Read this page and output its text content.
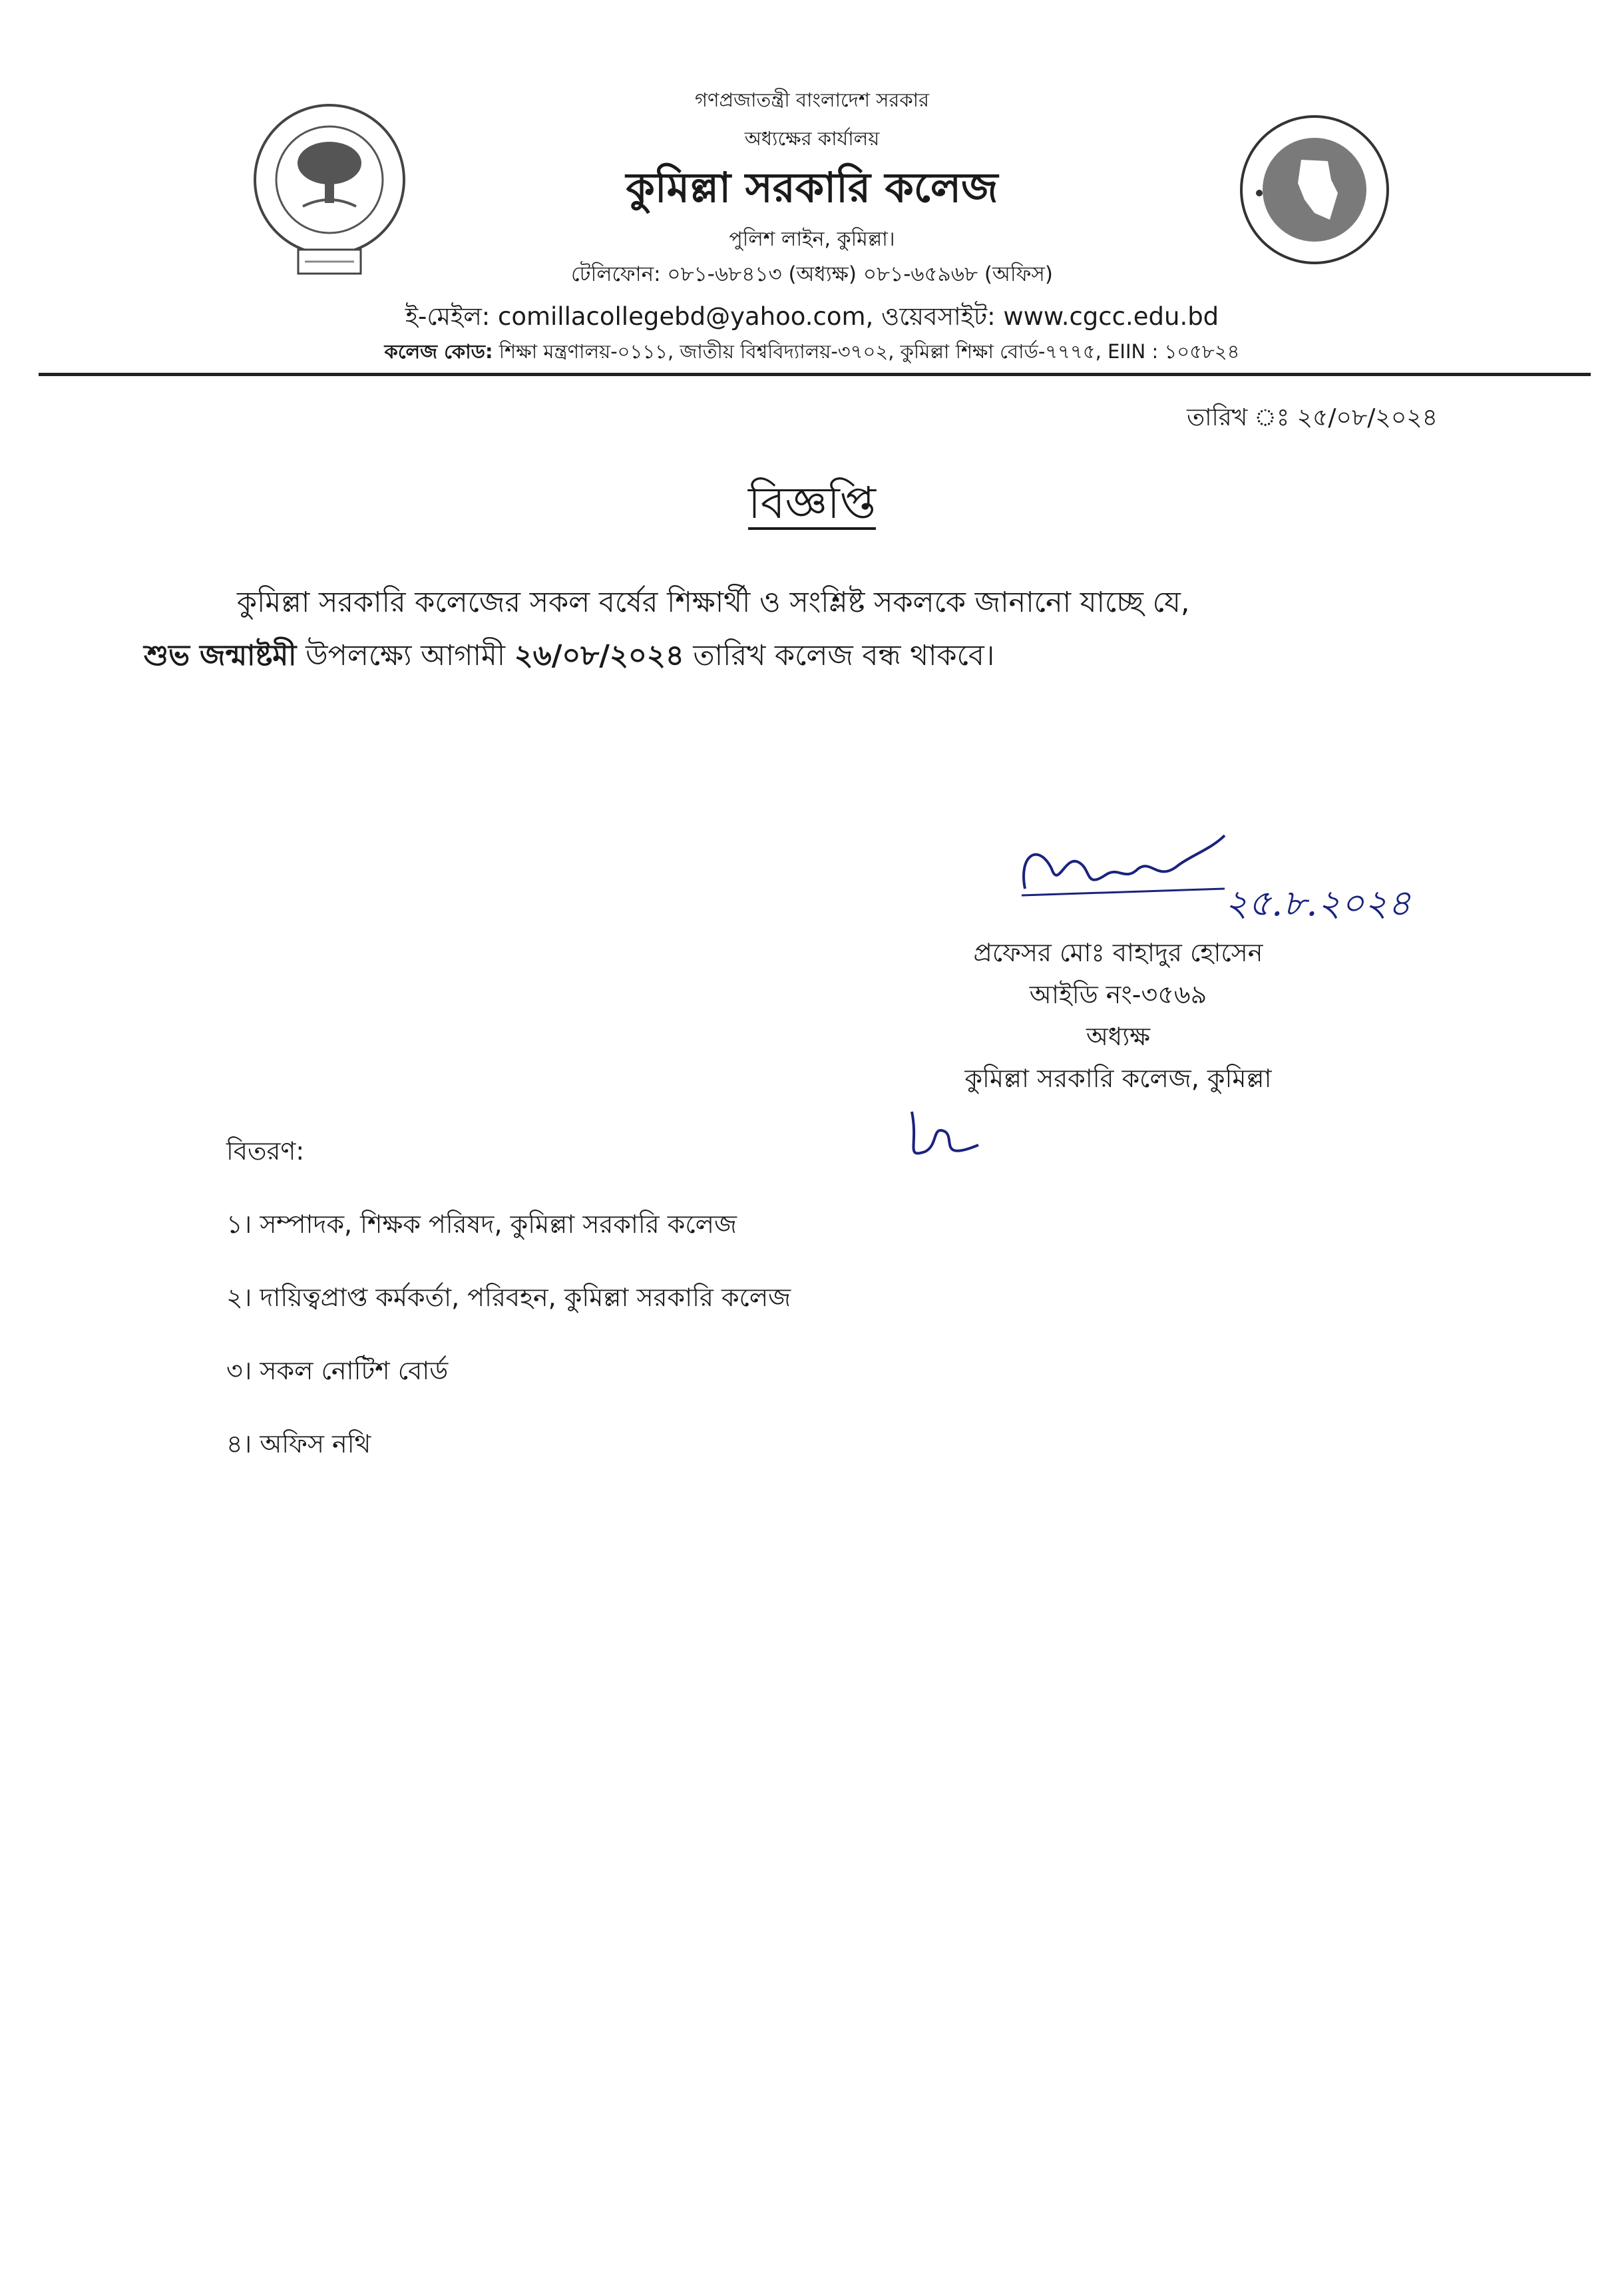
গণপ্রজাতন্ত্রী বাংলাদেশ সরকার
অধ্যক্ষের কার্যালয়
কুমিল্লা সরকারি কলেজ
পুলিশ লাইন, কুমিল্লা।
টেলিফোন: ০৮১-৬৮৪১৩ (অধ্যক্ষ) ০৮১-৬৫৯৬৮ (অফিস)
ই-মেইল: comillacollegebd@yahoo.com, ওয়েবসাইট: www.cgcc.edu.bd
কলেজ কোড: শিক্ষা মন্ত্রণালয়-০১১১, জাতীয় বিশ্ববিদ্যালয়-৩৭০২, কুমিল্লা শিক্ষা বোর্ড-৭৭৭৫, EIIN : ১০৫৮২৪
তারিখ ঃ ২৫/০৮/২০২৪
বিজ্ঞপ্তি
কুমিল্লা সরকারি কলেজের সকল বর্ষের শিক্ষার্থী ও সংশ্লিষ্ট সকলকে জানানো যাচ্ছে যে,
শুভ জন্মাষ্টমী উপলক্ষ্যে আগামী ২৬/০৮/২০২৪ তারিখ কলেজ বন্ধ থাকবে।
২৫.৮.২০২৪
প্রফেসর মোঃ বাহাদুর হোসেন
আইডি নং-৩৫৬৯
অধ্যক্ষ
কুমিল্লা সরকারি কলেজ, কুমিল্লা
বিতরণ:
১। সম্পাদক, শিক্ষক পরিষদ, কুমিল্লা সরকারি কলেজ
২। দায়িত্বপ্রাপ্ত কর্মকর্তা, পরিবহন, কুমিল্লা সরকারি কলেজ
৩। সকল নোটিশ বোর্ড
৪। অফিস নথি
